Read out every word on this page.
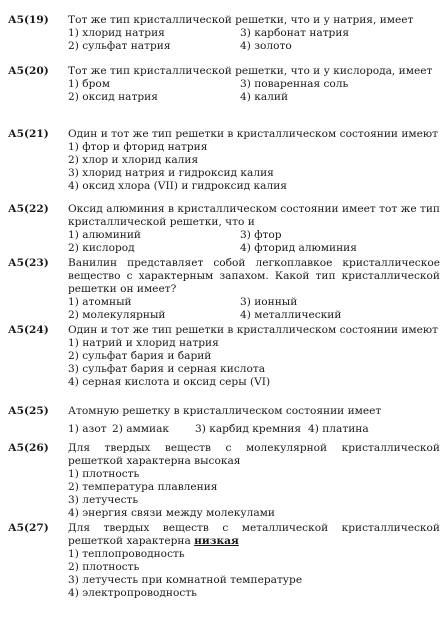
А5(19)	Тот же тип кристаллической решетки, что и у натрия, имеет
1) хлорид натрия	3) карбонат натрия
2) сульфат натрия	4) золото
А5(20)	Тот же тип кристаллической решетки, что и у кислорода, имеет
1) бром	3) поваренная соль
2) оксид натрия	4) калий
А5(21)	Один и тот же тип решетки в кристаллическом состоянии имеют
1) фтор и фторид натрия
2) хлор и хлорид калия
3) хлорид натрия и гидроксид калия
4) оксид хлора (VII) и гидроксид калия
А5(22)	Оксид алюминия в кристаллическом состоянии имеет тот же тип кристаллической решетки, что и
1) алюминий	3) фтор
2) кислород	4) фторид алюминия
А5(23)	Ванилин представляет собой легкоплавкое кристаллическое вещество с характерным запахом. Какой тип кристаллической решетки он имеет?
1) атомный	3) ионный
2) молекулярный	4) металлический
А5(24)	Один и тот же тип решетки в кристаллическом состоянии имеют
1) натрий и хлорид натрия
2) сульфат бария и барий
3) сульфат бария и серная кислота
4) серная кислота и оксид серы (VI)
А5(25)	Атомную решетку в кристаллическом состоянии имеет
1) азот 2) аммиак	3) карбид кремния 4) платина
А5(26)	Для твердых веществ с молекулярной кристаллической решеткой характерна высокая
1) плотность
2) температура плавления
3) летучесть
4) энергия связи между молекулами
А5(27)	Для твердых веществ с металлической кристаллической решеткой характерна низкая
1) теплопроводность
2) плотность
3) летучесть при комнатной температуре
4) электропроводность
